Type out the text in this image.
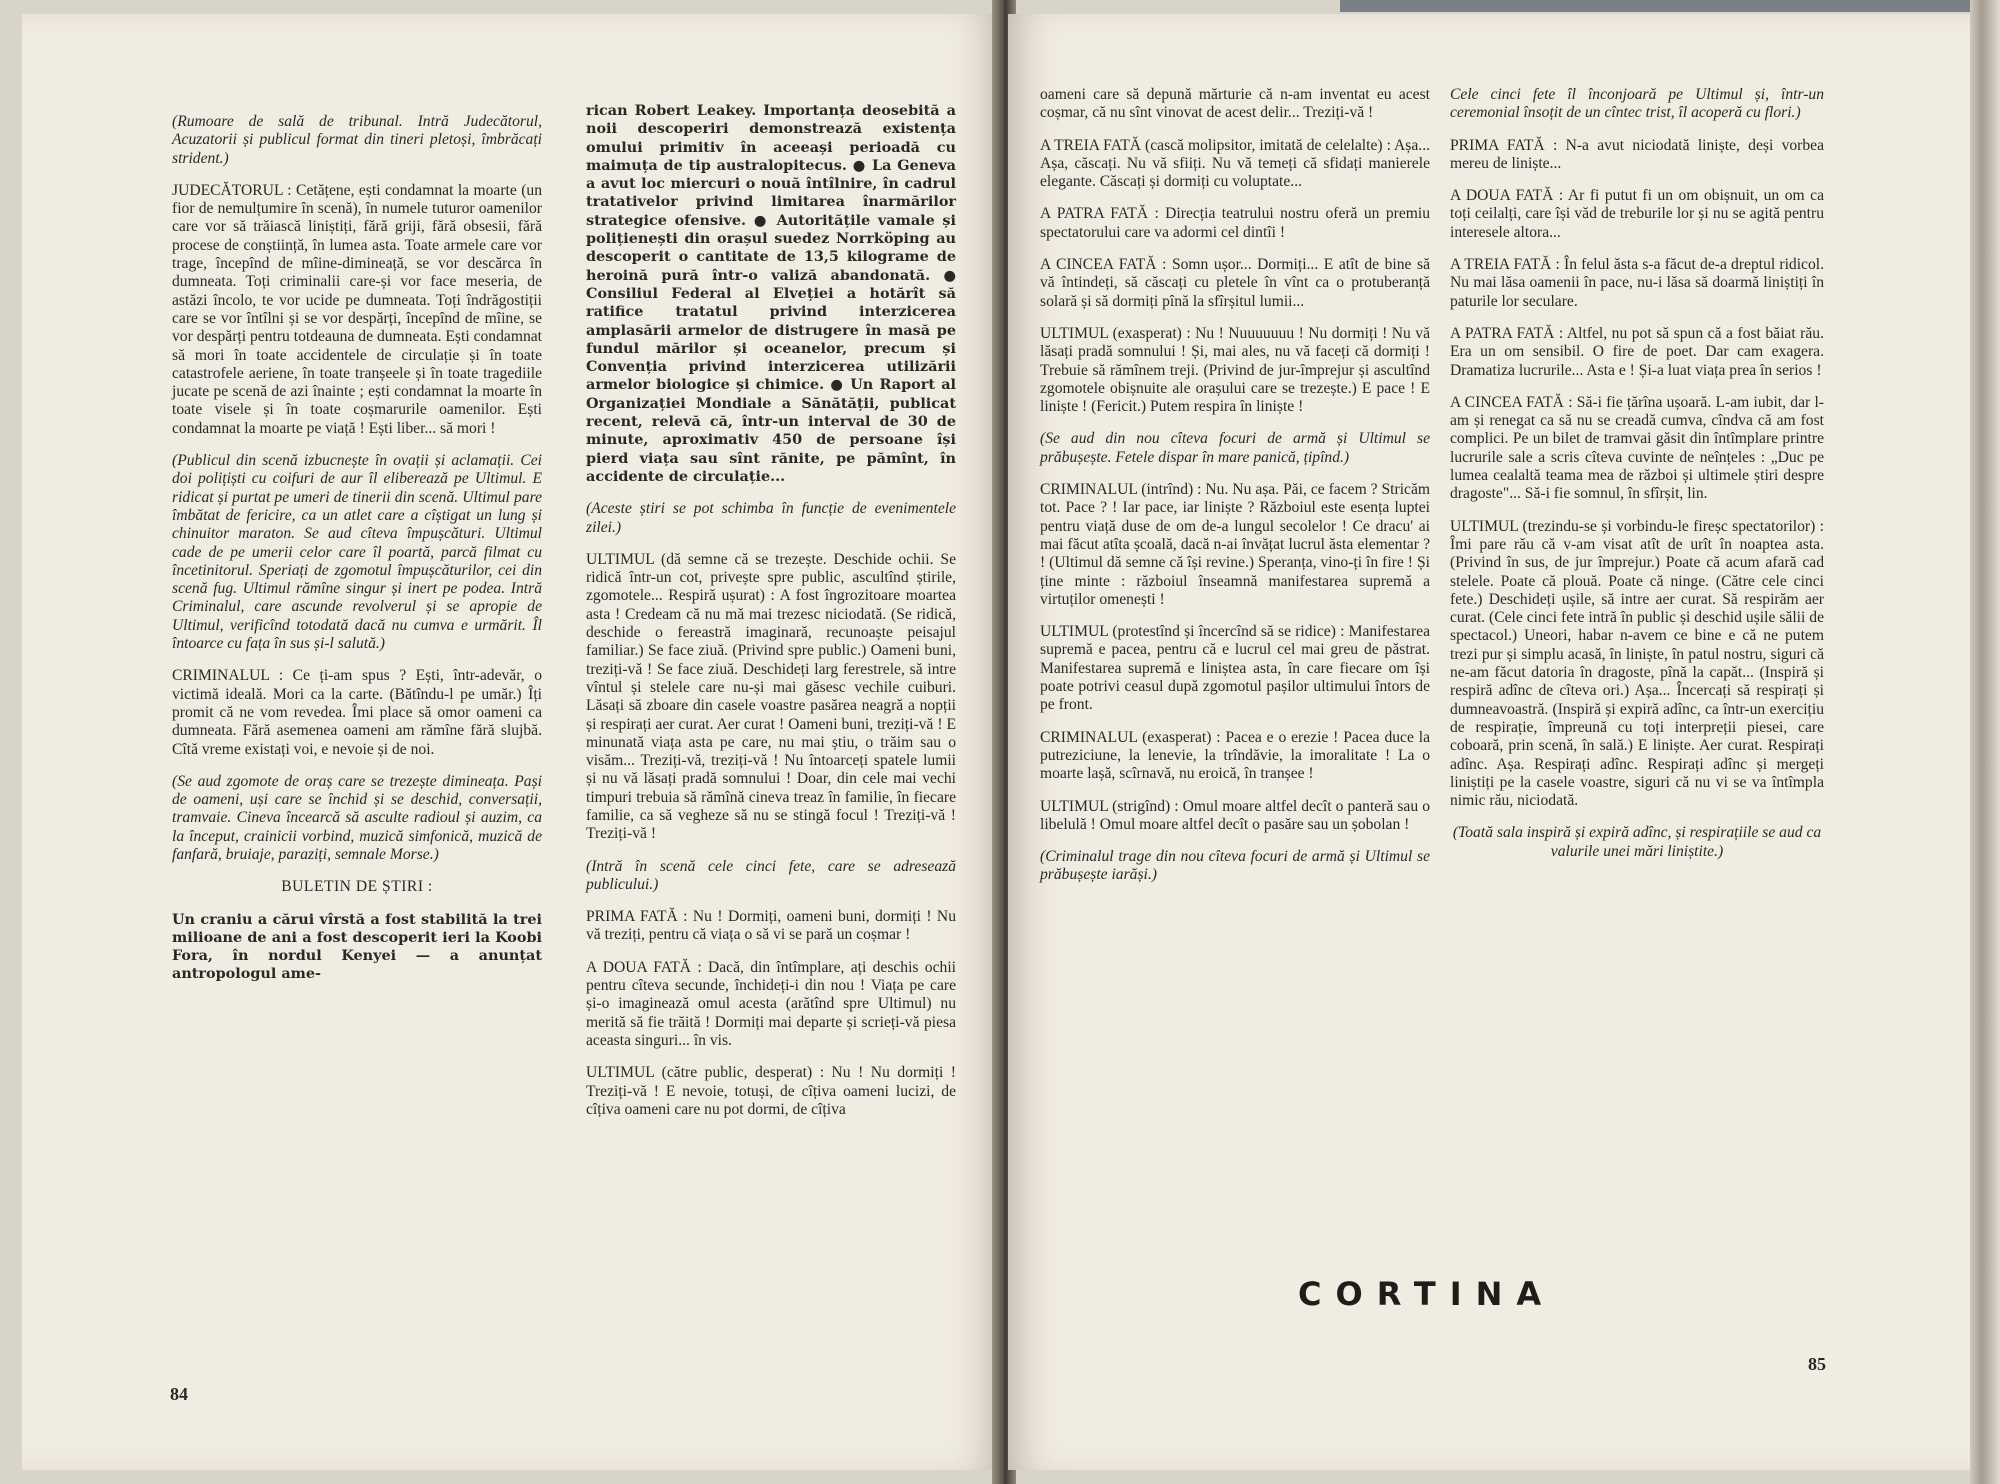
(Rumoare de sală de tribunal. Intră Judecătorul, Acuzatorii și publicul format din tineri pletoși, îmbrăcați strident.)

JUDECĂTORUL : Cetățene, ești condamnat la moarte (un fior de nemulțumire în scenă), în numele tuturor oamenilor care vor să trăiască liniștiți, fără griji, fără obsesii, fără procese de conștiință, în lumea asta. Toate armele care vor trage, începînd de mîine-dimineață, se vor descărca în dumneata. Toți criminalii care-și vor face meseria, de astăzi încolo, te vor ucide pe dumneata. Toți îndrăgostiții care se vor întîlni și se vor despărți, începînd de mîine, se vor despărți pentru totdeauna de dumneata. Ești condamnat să mori în toate accidentele de circulație și în toate catastrofele aeriene, în toate tranșeele și în toate tragediile jucate pe scenă de azi înainte ; ești condamnat la moarte în toate visele și în toate coșmarurile oamenilor. Ești condamnat la moarte pe viață ! Ești liber... să mori !

(Publicul din scenă izbucnește în ovații și aclamații. Cei doi polițiști cu coifuri de aur îl eliberează pe Ultimul. E ridicat și purtat pe umeri de tinerii din scenă. Ultimul pare îmbătat de fericire, ca un atlet care a cîștigat un lung și chinuitor maraton. Se aud cîteva împușcături. Ultimul cade de pe umerii celor care îl poartă, parcă filmat cu încetinitorul. Speriați de zgomotul împușcăturilor, cei din scenă fug. Ultimul rămîne singur și inert pe podea. Intră Criminalul, care ascunde revolverul și se apropie de Ultimul, verificînd totodată dacă nu cumva e urmărit. Îl întoarce cu fața în sus și-l salută.)

CRIMINALUL : Ce ți-am spus ? Ești, într-adevăr, o victimă ideală. Mori ca la carte. (Bătîndu-l pe umăr.) Îți promit că ne vom revedea. Îmi place să omor oameni ca dumneata. Fără asemenea oameni am rămîne fără slujbă. Cîtă vreme existați voi, e nevoie și de noi.

(Se aud zgomote de oraș care se trezește dimineața. Pași de oameni, uși care se închid și se deschid, conversații, tramvaie. Cineva încearcă să asculte radioul și auzim, ca la început, crainicii vorbind, muzică simfonică, muzică de fanfară, bruiaje, paraziți, semnale Morse.)

BULETIN DE ȘTIRI :

Un craniu a cărui vîrstă a fost stabilită la trei milioane de ani a fost descoperit ieri la Koobi Fora, în nordul Kenyei — a anunțat antropologul ame-

rican Robert Leakey. Importanța deosebită a noii descoperiri demonstrează existența omului primitiv în aceeași perioadă cu maimuța de tip australopitecus. ● La Geneva a avut loc miercuri o nouă întîlnire, în cadrul tratativelor privind limitarea înarmărilor strategice ofensive. ● Autoritățile vamale și polițienești din orașul suedez Norrköping au descoperit o cantitate de 13,5 kilograme de heroină pură într-o valiză abandonată. ● Consiliul Federal al Elveției a hotărît să ratifice tratatul privind interzicerea amplasării armelor de distrugere în masă pe fundul mărilor și oceanelor, precum și Convenția privind interzicerea utilizării armelor biologice și chimice. ● Un Raport al Organizației Mondiale a Sănătății, publicat recent, relevă că, într-un interval de 30 de minute, aproximativ 450 de persoane își pierd viața sau sînt rănite, pe pămînt, în accidente de circulație...

(Aceste știri se pot schimba în funcție de evenimentele zilei.)

ULTIMUL (dă semne că se trezește. Deschide ochii. Se ridică într-un cot, privește spre public, ascultînd știrile, zgomotele... Respiră ușurat) : A fost îngrozitoare moartea asta ! Credeam că nu mă mai trezesc niciodată. (Se ridică, deschide o fereastră imaginară, recunoaște peisajul familiar.) Se face ziuă. (Privind spre public.) Oameni buni, treziți-vă ! Se face ziuă. Deschideți larg ferestrele, să intre vîntul și stelele care nu-și mai găsesc vechile cuiburi. Lăsați să zboare din casele voastre pasărea neagră a nopții și respirați aer curat. Aer curat ! Oameni buni, treziți-vă ! E minunată viața asta pe care, nu mai știu, o trăim sau o visăm... Treziți-vă, treziți-vă ! Nu întoarceți spatele lumii și nu vă lăsați pradă somnului ! Doar, din cele mai vechi timpuri trebuia să rămînă cineva treaz în familie, în fiecare familie, ca să vegheze să nu se stingă focul ! Treziți-vă ! Treziți-vă !

(Intră în scenă cele cinci fete, care se adresează publicului.)

PRIMA FATĂ : Nu ! Dormiți, oameni buni, dormiți ! Nu vă treziți, pentru că viața o să vi se pară un coșmar !

A DOUA FATĂ : Dacă, din întîmplare, ați deschis ochii pentru cîteva secunde, închideți-i din nou ! Viața pe care și-o imaginează omul acesta (arătînd spre Ultimul) nu merită să fie trăită ! Dormiți mai departe și scrieți-vă piesa aceasta singuri... în vis.

ULTIMUL (către public, desperat) : Nu ! Nu dormiți ! Treziți-vă ! E nevoie, totuși, de cîțiva oameni lucizi, de cîțiva oameni care nu pot dormi, de cîțiva

84

oameni care să depună mărturie că n-am inventat eu acest coșmar, că nu sînt vinovat de acest delir... Treziți-vă !

A TREIA FATĂ (cască molipsitor, imitată de celelalte) : Așa... Așa, căscați. Nu vă sfiiți. Nu vă temeți că sfidați manierele elegante. Căscați și dormiți cu voluptate...

A PATRA FATĂ : Direcția teatrului nostru oferă un premiu spectatorului care va adormi cel dintîi !

A CINCEA FATĂ : Somn ușor... Dormiți... E atît de bine să vă întindeți, să căscați cu pletele în vînt ca o protuberanță solară și să dormiți pînă la sfîrșitul lumii...

ULTIMUL (exasperat) : Nu ! Nuuuuuuu ! Nu dormiți ! Nu vă lăsați pradă somnului ! Și, mai ales, nu vă faceți că dormiți ! Trebuie să rămînem treji. (Privind de jur-împrejur și ascultînd zgomotele obișnuite ale orașului care se trezește.) E pace ! E liniște ! (Fericit.) Putem respira în liniște !

(Se aud din nou cîteva focuri de armă și Ultimul se prăbușește. Fetele dispar în mare panică, țipînd.)

CRIMINALUL (intrînd) : Nu. Nu așa. Păi, ce facem ? Stricăm tot. Pace ? ! Iar pace, iar liniște ? Războiul este esența luptei pentru viață duse de om de-a lungul secolelor ! Ce dracu' ai mai făcut atîta școală, dacă n-ai învățat lucrul ăsta elementar ? ! (Ultimul dă semne că își revine.) Speranța, vino-ți în fire ! Și ține minte : războiul înseamnă manifestarea supremă a virtuților omenești !

ULTIMUL (protestînd și încercînd să se ridice) : Manifestarea supremă e pacea, pentru că e lucrul cel mai greu de păstrat. Manifestarea supremă e liniștea asta, în care fiecare om își poate potrivi ceasul după zgomotul pașilor ultimului întors de pe front.

CRIMINALUL (exasperat) : Pacea e o erezie ! Pacea duce la putreziciune, la lenevie, la trîndăvie, la imoralitate ! La o moarte lașă, scîrnavă, nu eroică, în tranșee !

ULTIMUL (strigînd) : Omul moare altfel decît o panteră sau o libelulă ! Omul moare altfel decît o pasăre sau un șobolan !

(Criminalul trage din nou cîteva focuri de armă și Ultimul se prăbușește iarăși.)

Cele cinci fete îl înconjoară pe Ultimul și, într-un ceremonial însoțit de un cîntec trist, îl acoperă cu flori.)

PRIMA FATĂ : N-a avut niciodată liniște, deși vorbea mereu de liniște...

A DOUA FATĂ : Ar fi putut fi un om obișnuit, un om ca toți ceilalți, care își văd de treburile lor și nu se agită pentru interesele altora...

A TREIA FATĂ : În felul ăsta s-a făcut de-a dreptul ridicol. Nu mai lăsa oamenii în pace, nu-i lăsa să doarmă liniștiți în paturile lor seculare.

A PATRA FATĂ : Altfel, nu pot să spun că a fost băiat rău. Era un om sensibil. O fire de poet. Dar cam exagera. Dramatiza lucrurile... Asta e ! Și-a luat viața prea în serios !

A CINCEA FATĂ : Să-i fie țărîna ușoară. L-am iubit, dar l-am și renegat ca să nu se creadă cumva, cîndva că am fost complici. Pe un bilet de tramvai găsit din întîmplare printre lucrurile sale a scris cîteva cuvinte de neînțeles : „Duc pe lumea cealaltă teama mea de război și ultimele știri despre dragoste"... Să-i fie somnul, în sfîrșit, lin.

ULTIMUL (trezindu-se și vorbindu-le fireșc spectatorilor) : Îmi pare rău că v-am visat atît de urît în noaptea asta. (Privind în sus, de jur împrejur.) Poate că acum afară cad stelele. Poate că plouă. Poate că ninge. (Către cele cinci fete.) Deschideți ușile, să intre aer curat. Să respirăm aer curat. (Cele cinci fete intră în public și deschid ușile sălii de spectacol.) Uneori, habar n-avem ce bine e că ne putem trezi pur și simplu acasă, în liniște, în patul nostru, siguri că ne-am făcut datoria în dragoste, pînă la capăt... (Inspiră și respiră adînc de cîteva ori.) Așa... Încercați să respirați și dumneavoastră. (Inspiră și expiră adînc, ca într-un exercițiu de respirație, împreună cu toți interpreții piesei, care coboară, prin scenă, în sală.) E liniște. Aer curat. Respirați adînc. Așa. Respirați adînc. Respirați adînc și mergeți liniștiți pe la casele voastre, siguri că nu vi se va întîmpla nimic rău, niciodată.

(Toată sala inspiră și expiră adînc, și respirațiile se aud ca valurile unei mări liniștite.)

85
CORTINA
